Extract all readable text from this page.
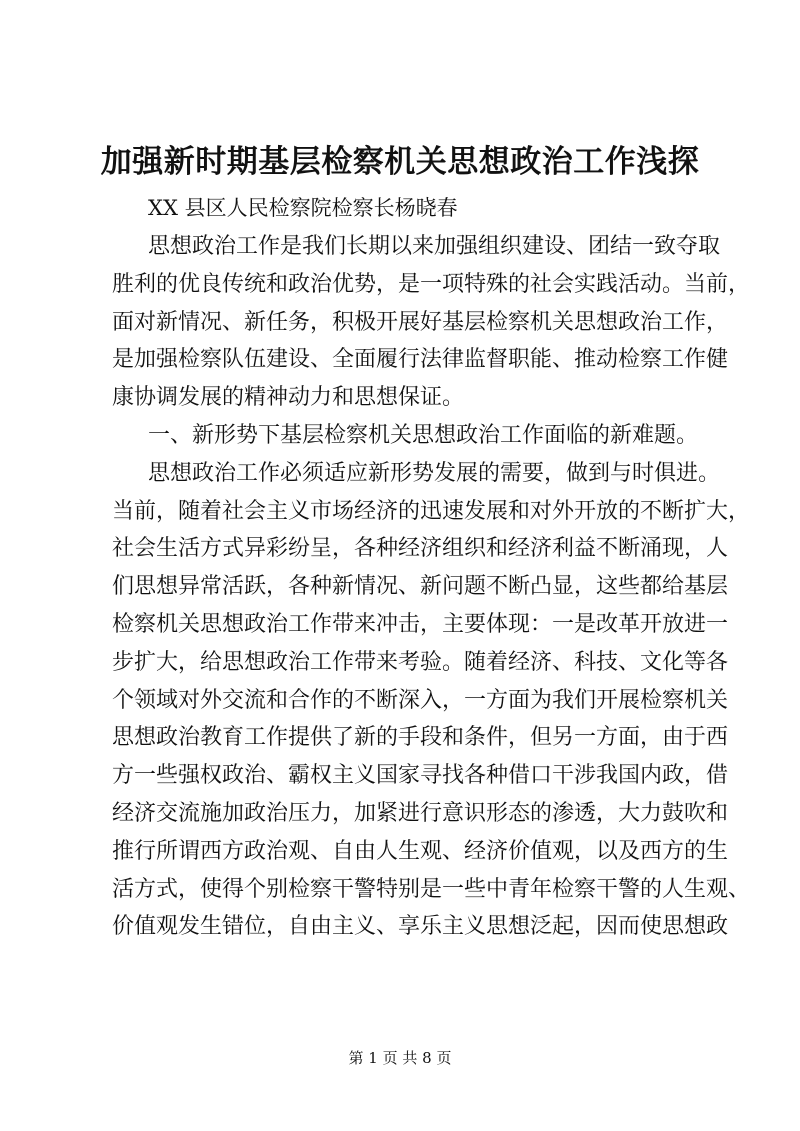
加强新时期基层检察机关思想政治工作浅探
XX 县区人民检察院检察长杨晓春
思想政治工作是我们长期以来加强组织建设、团结一致夺取
胜利的优良传统和政治优势，是一项特殊的社会实践活动。当前，
面对新情况、新任务，积极开展好基层检察机关思想政治工作，
是加强检察队伍建设、全面履行法律监督职能、推动检察工作健
康协调发展的精神动力和思想保证。
一、新形势下基层检察机关思想政治工作面临的新难题。
思想政治工作必须适应新形势发展的需要，做到与时俱进。
当前，随着社会主义市场经济的迅速发展和对外开放的不断扩大，
社会生活方式异彩纷呈，各种经济组织和经济利益不断涌现，人
们思想异常活跃，各种新情况、新问题不断凸显，这些都给基层
检察机关思想政治工作带来冲击，主要体现：一是改革开放进一
步扩大，给思想政治工作带来考验。随着经济、科技、文化等各
个领域对外交流和合作的不断深入，一方面为我们开展检察机关
思想政治教育工作提供了新的手段和条件，但另一方面，由于西
方一些强权政治、霸权主义国家寻找各种借口干涉我国内政，借
经济交流施加政治压力，加紧进行意识形态的渗透，大力鼓吹和
推行所谓西方政治观、自由人生观、经济价值观，以及西方的生
活方式，使得个别检察干警特别是一些中青年检察干警的人生观、
价值观发生错位，自由主义、享乐主义思想泛起，因而使思想政
第 1 页 共 8 页
